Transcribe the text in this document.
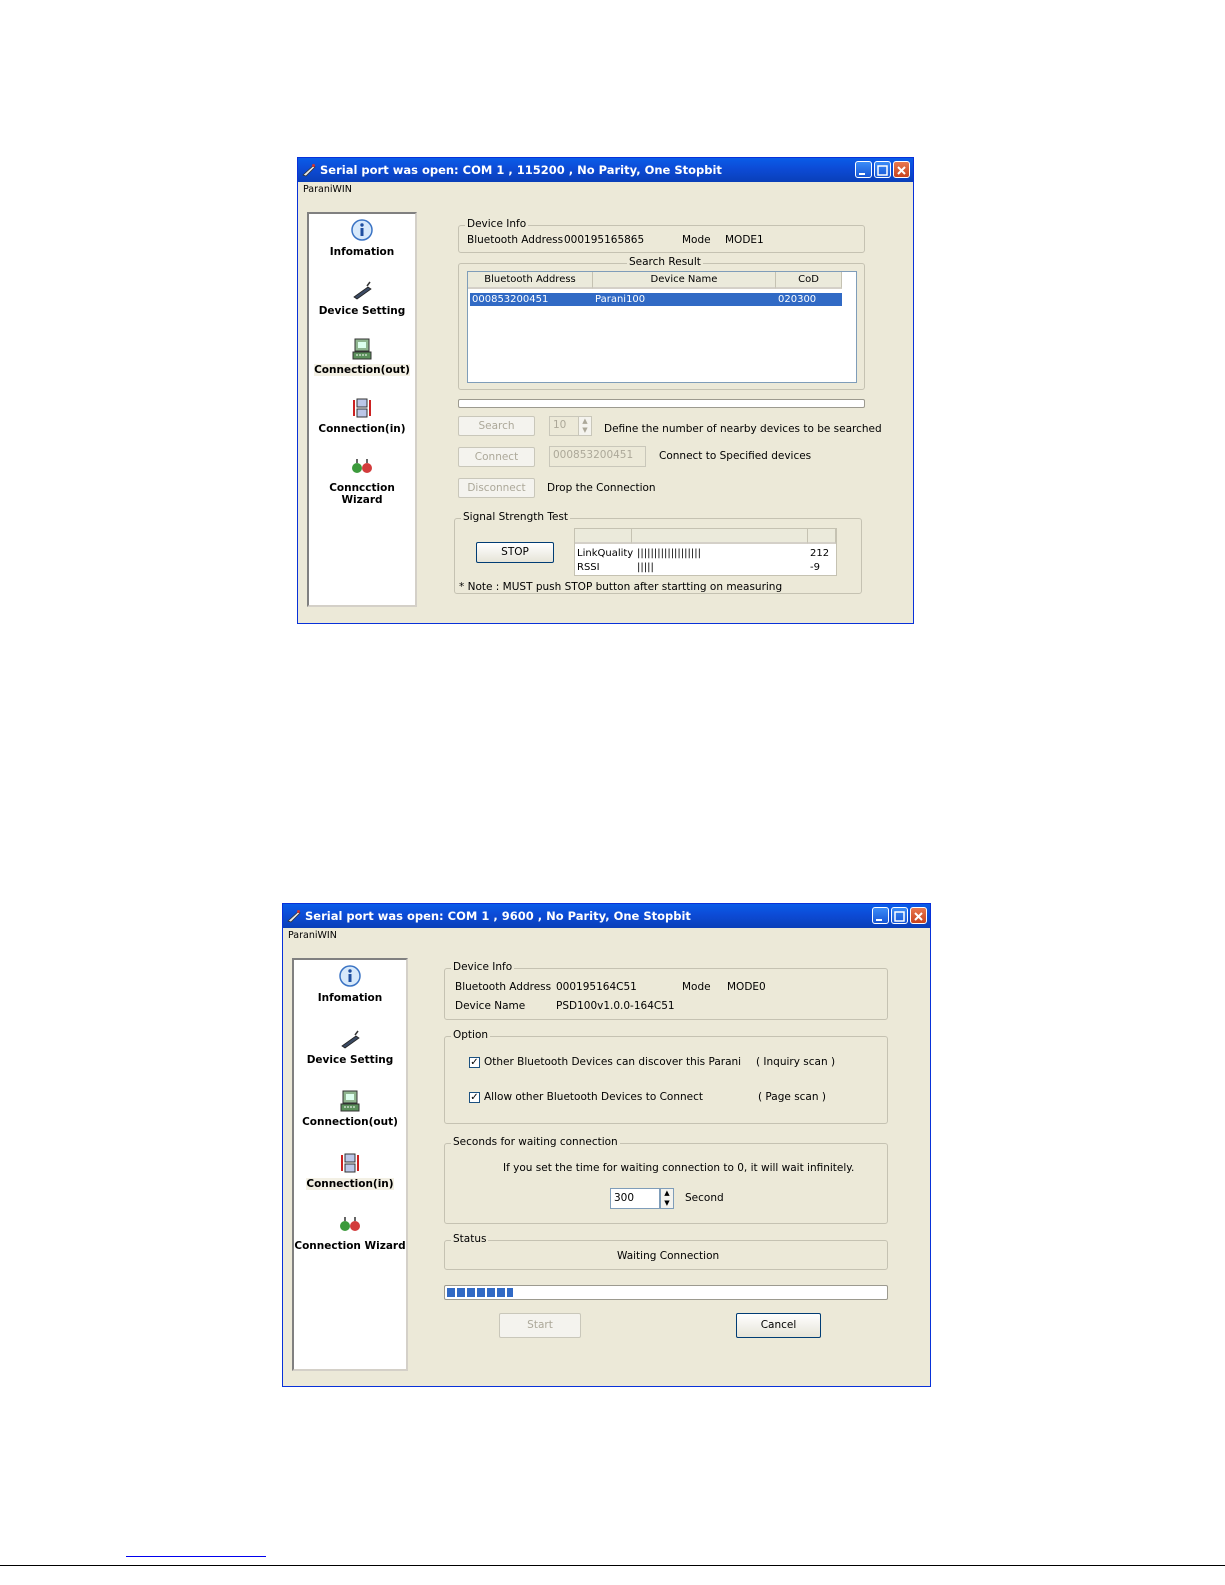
Serial port was open: COM 1 , 115200 , No Parity, One Stopbit
ParaniWIN
Infomation
Device Setting
Connection(out)
Connection(in)
Conncction Wizard
Device Info
Bluetooth Address 000195165865	Mode MODE1
Search Result
Bluetooth Address	Device Name	CoD
000853200451	Parani100	020300
Search	10	▲
▼	Define the number of nearby devices to be searched
Connect	000853200451	Connect to Specified devices
Disconnect	Drop the Connection
Signal Strength Test
STOP	LinkQuality |||||||||||||||||||	212
RSSI	|||||	-9
* Note : MUST push STOP button after startting on measuring
Serial port was open: COM 1 , 9600 , No Parity, One Stopbit
ParaniWIN
Infomation
Device Setting
Connection(out)
Connection(in)
Connection Wizard
Device Info
Bluetooth Address 000195164C51	Mode MODE0
Device Name	PSD100v1.0.0-164C51
Option
✓ Other Bluetooth Devices can discover this Parani ( Inquiry scan )
✓ Allow other Bluetooth Devices to Connect	( Page scan )
Seconds for waiting connection
If you set the time for waiting connection to 0, it will wait infinitely.
300	▲
▼	Second
Status
Waiting Connection
Start	Cancel
